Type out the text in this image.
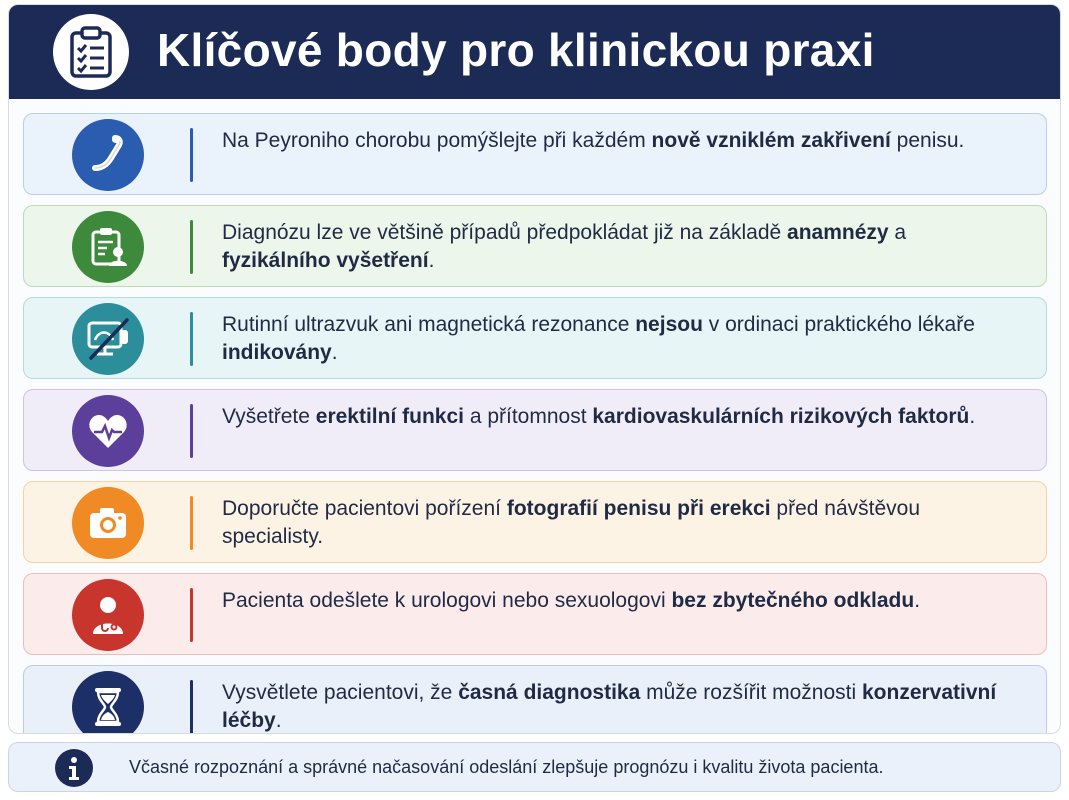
Klíčové body pro klinickou praxi
Na Peyroniho chorobu pomýšlejte při každém nově vzniklém zakřivení penisu.
Diagnózu lze ve většině případů předpokládat již na základě anamnézy a fyzikálního vyšetření.
Rutinní ultrazvuk ani magnetická rezonance nejsou v ordinaci praktického lékaře indikovány.
Vyšetřete erektilní funkci a přítomnost kardiovaskulárních rizikových faktorů.
Doporučte pacientovi pořízení fotografií penisu při erekci před návštěvou specialisty.
Pacienta odešlete k urologovi nebo sexuologovi bez zbytečného odkladu.
Vysvětlete pacientovi, že časná diagnostika může rozšířit možnosti konzervativní léčby.
Včasné rozpoznání a správné načasování odeslání zlepšuje prognózu i kvalitu života pacienta.
